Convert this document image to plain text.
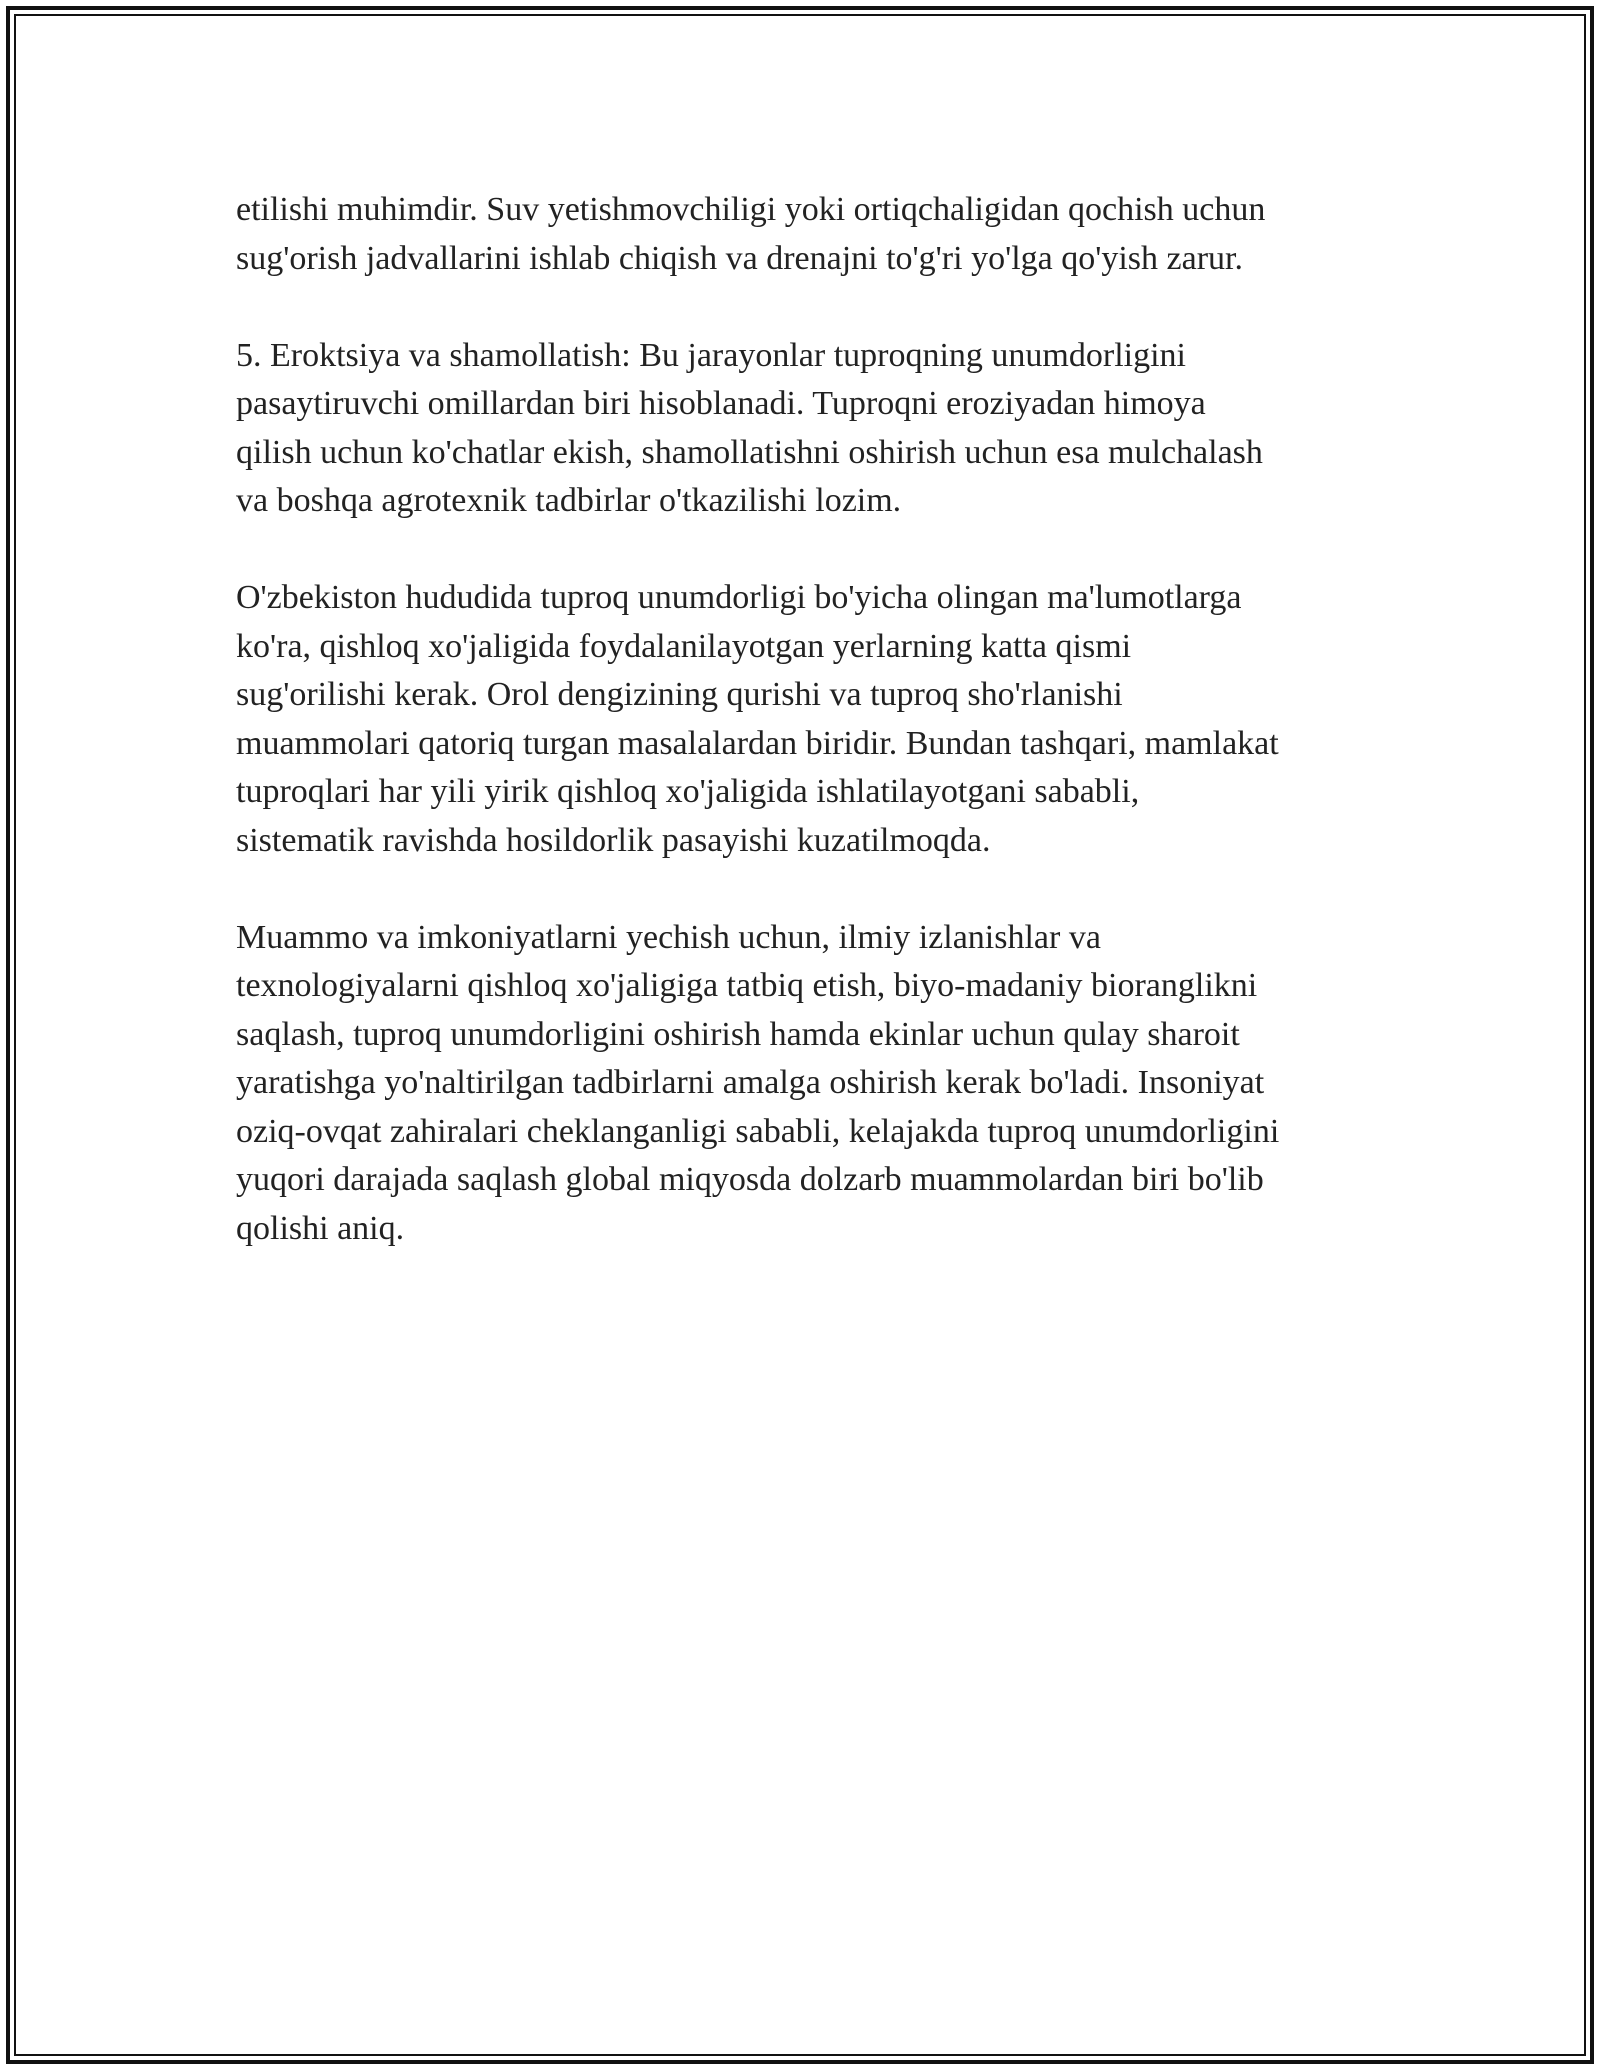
etilishi muhimdir. Suv yetishmovchiligi yoki ortiqchaligidan qochish uchun
sug'orish jadvallarini ishlab chiqish va drenajni to'g'ri yo'lga qo'yish zarur.

5. Eroktsiya va shamollatish: Bu jarayonlar tuproqning unumdorligini
pasaytiruvchi omillardan biri hisoblanadi. Tuproqni eroziyadan himoya
qilish uchun ko'chatlar ekish, shamollatishni oshirish uchun esa mulchalash
va boshqa agrotexnik tadbirlar o'tkazilishi lozim.

O'zbekiston hududida tuproq unumdorligi bo'yicha olingan ma'lumotlarga
ko'ra, qishloq xo'jaligida foydalanilayotgan yerlarning katta qismi
sug'orilishi kerak. Orol dengizining qurishi va tuproq sho'rlanishi
muammolari qatoriq turgan masalalardan biridir. Bundan tashqari, mamlakat
tuproqlari har yili yirik qishloq xo'jaligida ishlatilayotgani sababli,
sistematik ravishda hosildorlik pasayishi kuzatilmoqda.

Muammo va imkoniyatlarni yechish uchun, ilmiy izlanishlar va
texnologiyalarni qishloq xo'jaligiga tatbiq etish, biyo-madaniy bioranglikni
saqlash, tuproq unumdorligini oshirish hamda ekinlar uchun qulay sharoit
yaratishga yo'naltirilgan tadbirlarni amalga oshirish kerak bo'ladi. Insoniyat
oziq-ovqat zahiralari cheklanganligi sababli, kelajakda tuproq unumdorligini
yuqori darajada saqlash global miqyosda dolzarb muammolardan biri bo'lib
qolishi aniq.
